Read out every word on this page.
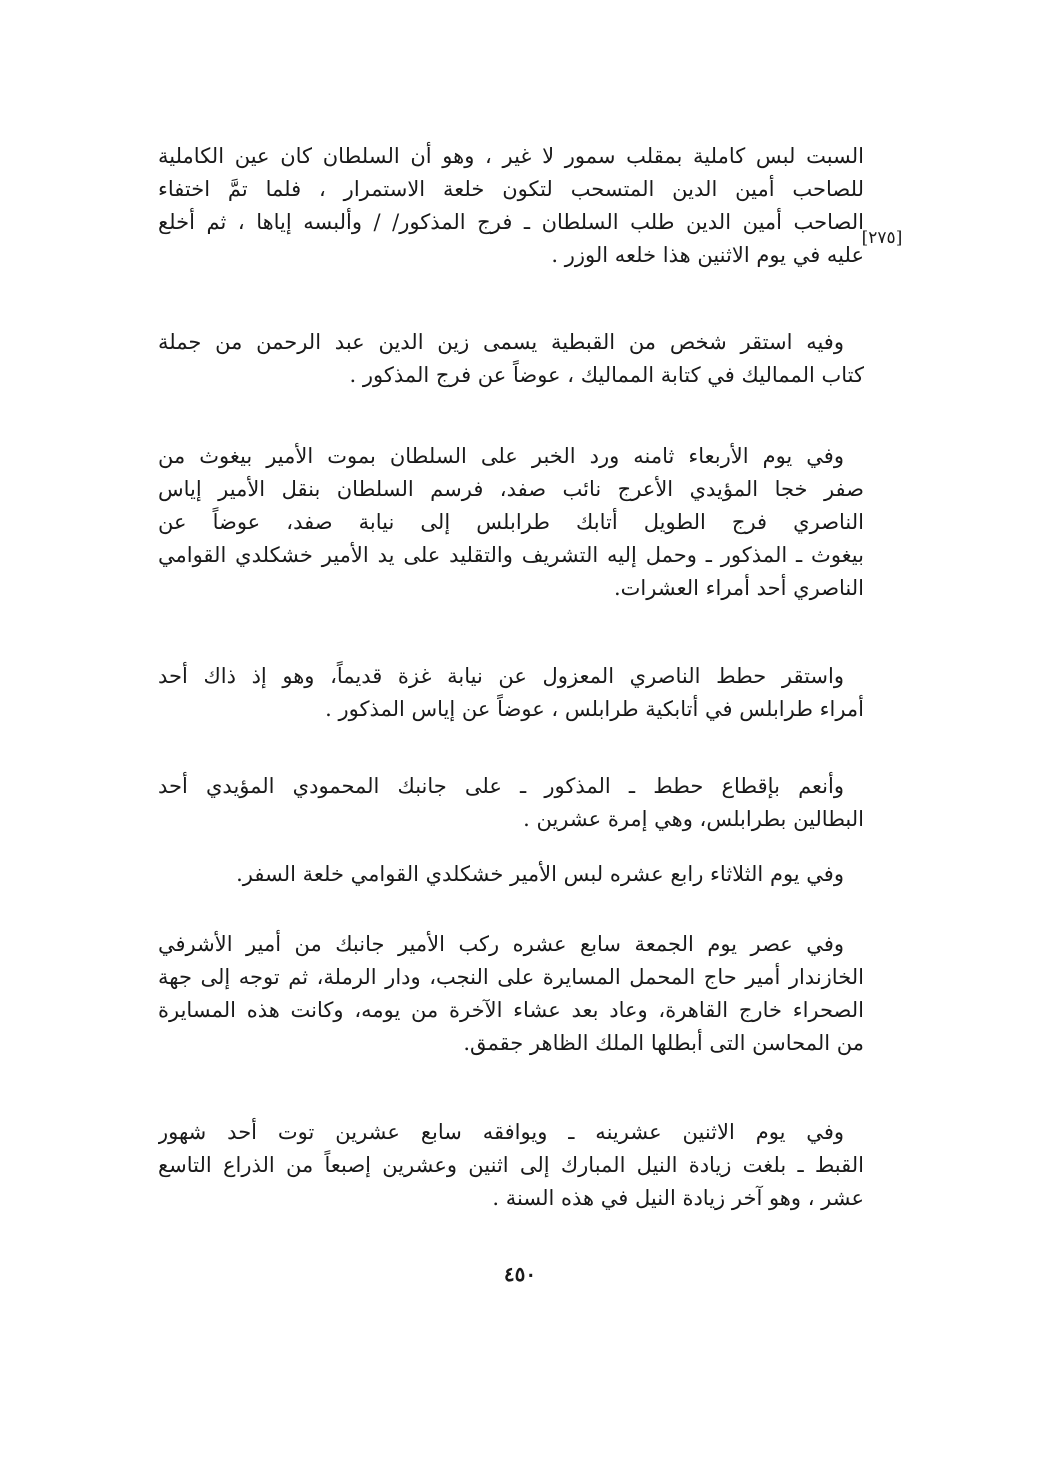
[٢٧٥]
السبت لبس كاملية بمقلب سمور لا غير ، وهو أن السلطان كان عين الكاملية
للصاحب أمين الدين المتسحب لتكون خلعة الاستمرار ، فلما تمَّ اختفاء
الصاحب أمين الدين طلب السلطان ـ فرج المذكور/ / وألبسه إياها ، ثم أخلع
عليه في يوم الاثنين هذا خلعه الوزر .
وفيه استقر شخص من القبطية يسمى زين الدين عبد الرحمن من جملة
كتاب المماليك في كتابة المماليك ، عوضاً عن فرج المذكور .
وفي يوم الأربعاء ثامنه ورد الخبر على السلطان بموت الأمير بيغوث من
صفر خجا المؤيدي الأعرج نائب صفد، فرسم السلطان بنقل الأمير إياس
الناصري فرج الطويل أتابك طرابلس إلى نيابة صفد، عوضاً عن
بيغوث ـ المذكور ـ وحمل إليه التشريف والتقليد على يد الأمير خشكلدي القوامي
الناصري أحد أمراء العشرات.
واستقر حطط الناصري المعزول عن نيابة غزة قديماً، وهو إذ ذاك أحد
أمراء طرابلس في أتابكية طرابلس ، عوضاً عن إياس المذكور .
وأنعم بإقطاع حطط ـ المذكور ـ على جانبك المحمودي المؤيدي أحد
البطالين بطرابلس، وهي إمرة عشرين .
وفي يوم الثلاثاء رابع عشره لبس الأمير خشكلدي القوامي خلعة السفر.
وفي عصر يوم الجمعة سابع عشره ركب الأمير جانبك من أمير الأشرفي
الخازندار أمير حاج المحمل المسايرة على النجب، ودار الرملة، ثم توجه إلى جهة
الصحراء خارج القاهرة، وعاد بعد عشاء الآخرة من يومه، وكانت هذه المسايرة
من المحاسن التى أبطلها الملك الظاهر جقمق.
وفي يوم الاثنين عشرينه ـ ويوافقه سابع عشرين توت أحد شهور
القبط ـ بلغت زيادة النيل المبارك إلى اثنين وعشرين إصبعاً من الذراع التاسع
عشر ، وهو آخر زيادة النيل في هذه السنة .
٤٥٠
